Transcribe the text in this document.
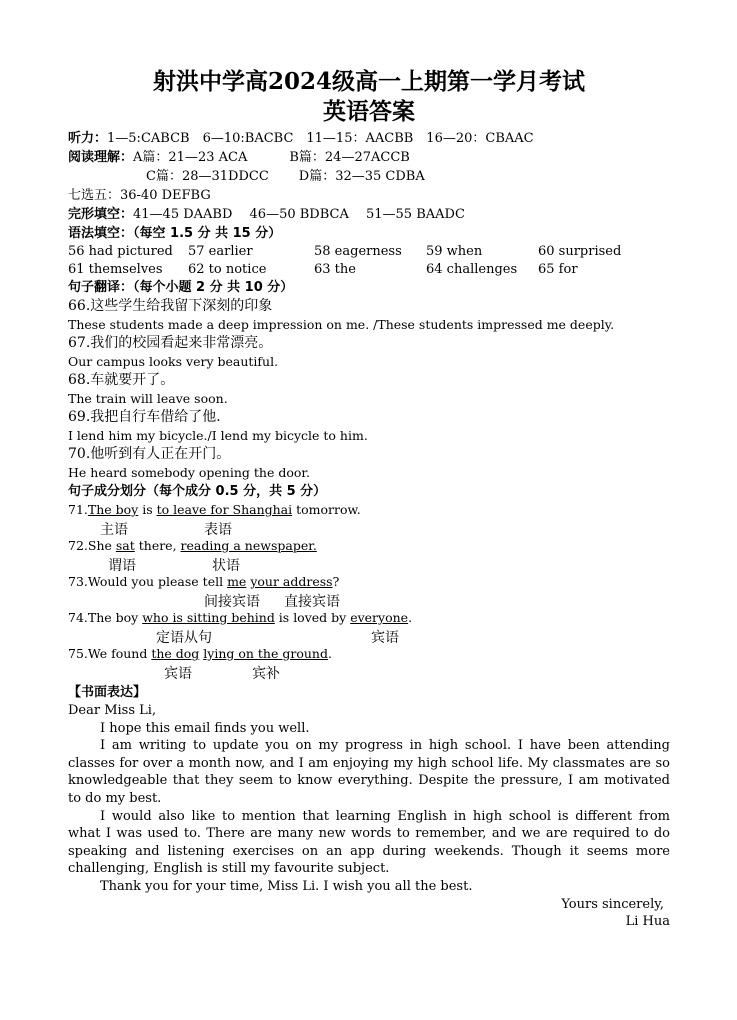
射洪中学高2024级高一上期第一学月考试
英语答案
听力：1—5:CABCB　6—10:BACBC　11—15：AACBB　16—20：CBAAC
阅读理解：A篇：21—23 ACA	B篇：24—27ACCB
C篇：28—31DDCC D篇：32—35 CDBA
七选五：36-40 DEFBG
完形填空：41—45 DAABD　 46—50 BDBCA　 51—55 BAADC
语法填空：（每空 1.5 分 共 15 分）
56 had pictured	57 earlier	58 eagerness	59 when	60 surprised
61 themselves	62 to notice	63 the	64 challenges	65 for
句子翻译：（每个小题 2 分 共 10 分）
66.这些学生给我留下深刻的印象
These students made a deep impression on me. /These students impressed me deeply.
67.我们的校园看起来非常漂亮。
Our campus looks very beautiful.
68.车就要开了。
The train will leave soon.
69.我把自行车借给了他.
I lend him my bicycle./I lend my bicycle to him.
70.他听到有人正在开门。
He heard somebody opening the door.
句子成分划分（每个成分 0.5 分，共 5 分）
71.The boy is to leave for Shanghai tomorrow.
主语	表语
72.She sat there, reading a newspaper.
谓语	状语
73.Would you please tell me your address?
间接宾语 直接宾语
74.The boy who is sitting behind is loved by everyone.
定语从句	宾语
75.We found the dog lying on the ground.
宾语	宾补
【书面表达】
Dear Miss Li,
I hope this email finds you well.
I am writing to update you on my progress in high school. I have been attending classes for over a month now, and I am enjoying my high school life. My classmates are so knowledgeable that they seem to know everything. Despite the pressure, I am motivated to do my best.
I would also like to mention that learning English in high school is different from what I was used to. There are many new words to remember, and we are required to do speaking and listening exercises on an app during weekends. Though it seems more challenging, English is still my favourite subject.
Thank you for your time, Miss Li. I wish you all the best.
Yours sincerely,
Li Hua
